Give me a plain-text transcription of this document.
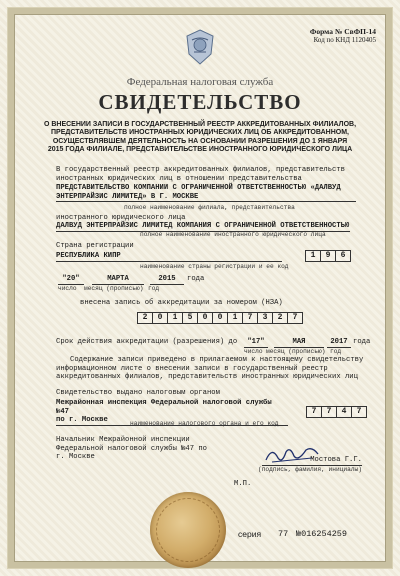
Форма № СвФП-14
Код по КНД 1120405
Федеральная налоговая служба
СВИДЕТЕЛЬСТВО
О ВНЕСЕНИИ ЗАПИСИ В ГОСУДАРСТВЕННЫЙ РЕЕСТР АККРЕДИТОВАННЫХ ФИЛИАЛОВ,
ПРЕДСТАВИТЕЛЬСТВ ИНОСТРАННЫХ ЮРИДИЧЕСКИХ ЛИЦ ОБ АККРЕДИТОВАННОМ,
ОСУЩЕСТВЛЯВШЕМ ДЕЯТЕЛЬНОСТЬ НА ОСНОВАНИИ РАЗРЕШЕНИЯ ДО 1 ЯНВАРЯ
2015 ГОДА ФИЛИАЛЕ, ПРЕДСТАВИТЕЛЬСТВЕ ИНОСТРАННОГО ЮРИДИЧЕСКОГО ЛИЦА
В государственный реестр аккредитованных филиалов, представительств
иностранных юридических лиц в отношении представительства
ПРЕДСТАВИТЕЛЬСТВО КОМПАНИИ С ОГРАНИЧЕННОЙ ОТВЕТСТВЕННОСТЬЮ «ДАЛВУД
ЭНТЕРПРАЙЗИС ЛИМИТЕД» В Г. МОСКВЕ
полное наименование филиала, представительства
иностранного юридического лица
ДАЛВУД ЭНТЕРПРАЙЗИС ЛИМИТЕД КОМПАНИЯ С ОГРАНИЧЕННОЙ ОТВЕТСТВЕННОСТЬЮ
полное наименование иностранного юридического лица
Страна регистрации
РЕСПУБЛИКА КИПР	1	9	6
наименование страны регистрации и ее код
"20"	МАРТА	2015	года
число месяц (прописью) год
внесена запись об аккредитации за номером (НЗА)
2	0	1	5	0	0	1	7	3	2	7
Срок действия аккредитации (разрешения) до	"17"	МАЯ	2017 года
число месяц (прописью) год
Содержание записи приведено в прилагаемом к настоящему свидетельству
информационном листе о внесении записи в государственный реестр
аккредитованных филиалов, представительств иностранных юридических лиц
Свидетельство выдано налоговым органом
Межрайонная инспекция Федеральной налоговой службы №47
по г. Москве
7	7	4	7
наименование налогового органа и его код
Начальник Межрайонной инспекции
Федеральной налоговой службы №47 по
г. Москве	Мостова Г.Г.
(подпись, фамилия, инициалы)
М.П.
серия 77 №016254259
